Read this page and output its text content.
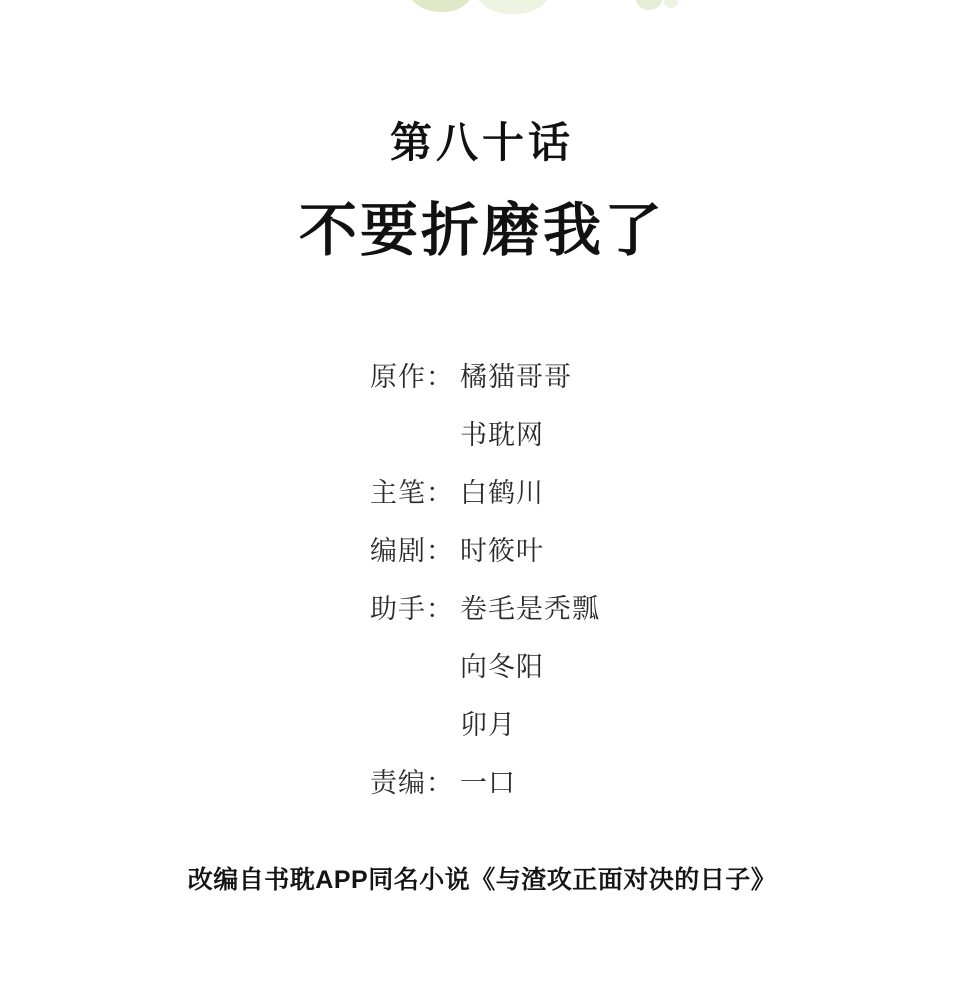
第八十话
不要折磨我了
原作： 橘猫哥哥
书耽网
主笔： 白鹤川
编剧： 时筱叶
助手： 卷毛是秃瓢
向冬阳
卯月
责编： 一口
改编自书耽APP同名小说《与渣攻正面对决的日子》
